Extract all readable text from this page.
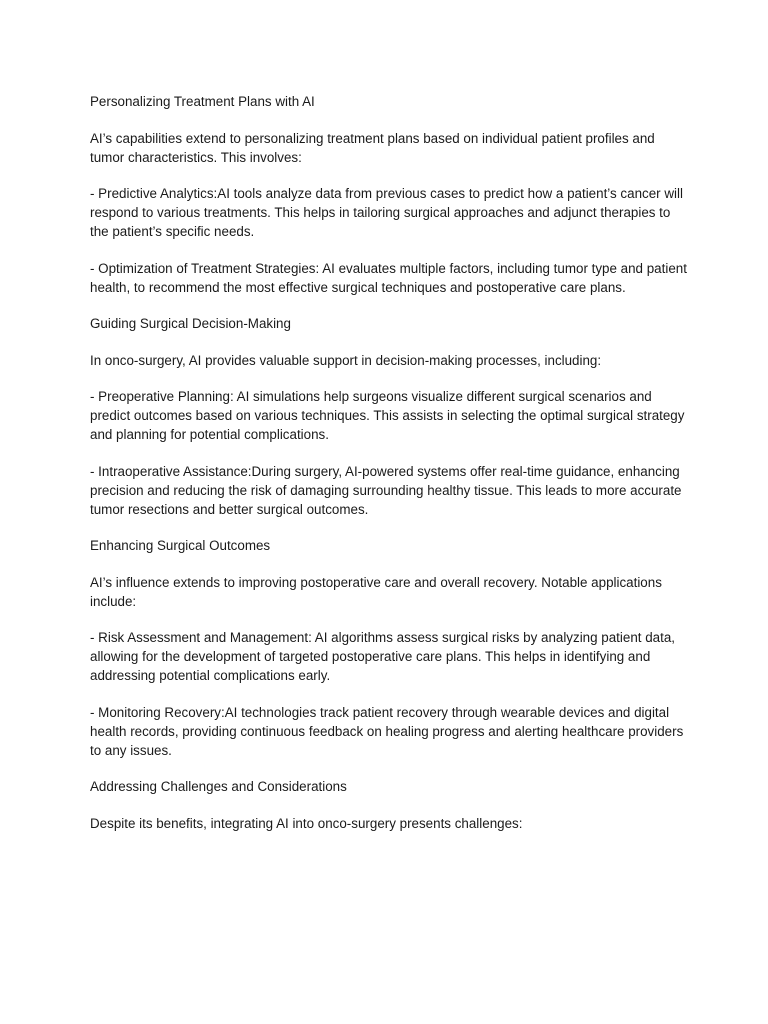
Personalizing Treatment Plans with AI

AI’s capabilities extend to personalizing treatment plans based on individual patient profiles and tumor characteristics. This involves:

- Predictive Analytics:AI tools analyze data from previous cases to predict how a patient’s cancer will respond to various treatments. This helps in tailoring surgical approaches and adjunct therapies to the patient’s specific needs.

- Optimization of Treatment Strategies: AI evaluates multiple factors, including tumor type and patient health, to recommend the most effective surgical techniques and postoperative care plans.

Guiding Surgical Decision-Making

In onco-surgery, AI provides valuable support in decision-making processes, including:

- Preoperative Planning: AI simulations help surgeons visualize different surgical scenarios and predict outcomes based on various techniques. This assists in selecting the optimal surgical strategy and planning for potential complications.

- Intraoperative Assistance:During surgery, AI-powered systems offer real-time guidance, enhancing precision and reducing the risk of damaging surrounding healthy tissue. This leads to more accurate tumor resections and better surgical outcomes.

Enhancing Surgical Outcomes

AI’s influence extends to improving postoperative care and overall recovery. Notable applications include:

- Risk Assessment and Management: AI algorithms assess surgical risks by analyzing patient data, allowing for the development of targeted postoperative care plans. This helps in identifying and addressing potential complications early.

- Monitoring Recovery:AI technologies track patient recovery through wearable devices and digital health records, providing continuous feedback on healing progress and alerting healthcare providers to any issues.

Addressing Challenges and Considerations

Despite its benefits, integrating AI into onco-surgery presents challenges:
